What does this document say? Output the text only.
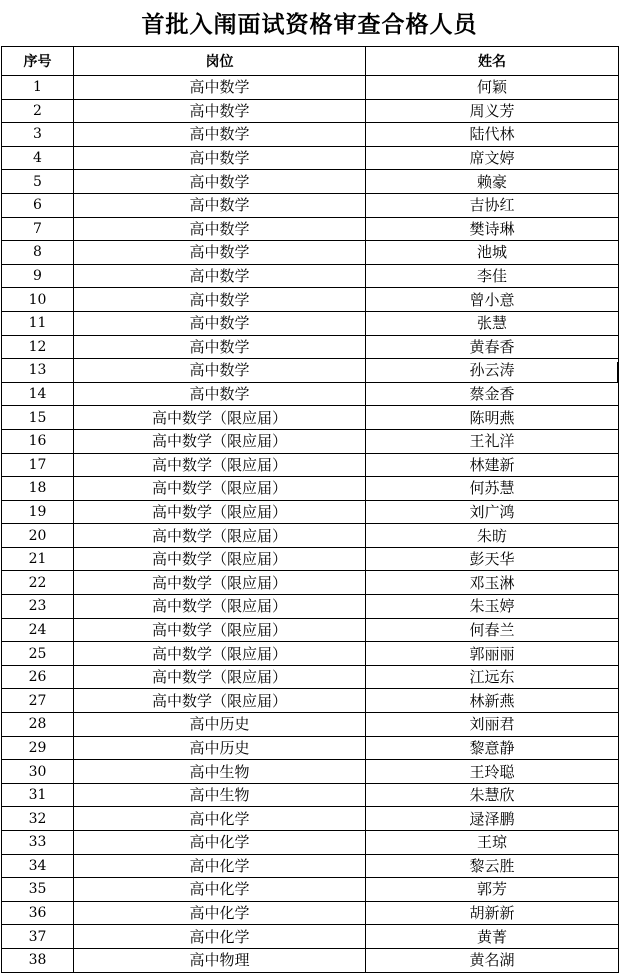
首批入闱面试资格审查合格人员
序号	岗位	姓名
1	高中数学	何颖
2	高中数学	周义芳
3	高中数学	陆代林
4	高中数学	席文婷
5	高中数学	赖豪
6	高中数学	吉协红
7	高中数学	樊诗琳
8	高中数学	池城
9	高中数学	李佳
10	高中数学	曾小意
11	高中数学	张慧
12	高中数学	黄春香
13	高中数学	孙云涛
14	高中数学	蔡金香
15	高中数学（限应届）	陈明燕
16	高中数学（限应届）	王礼洋
17	高中数学（限应届）	林建新
18	高中数学（限应届）	何苏慧
19	高中数学（限应届）	刘广鸿
20	高中数学（限应届）	朱昉
21	高中数学（限应届）	彭天华
22	高中数学（限应届）	邓玉淋
23	高中数学（限应届）	朱玉婷
24	高中数学（限应届）	何春兰
25	高中数学（限应届）	郭丽丽
26	高中数学（限应届）	江远东
27	高中数学（限应届）	林新燕
28	高中历史	刘丽君
29	高中历史	黎意静
30	高中生物	王玲聪
31	高中生物	朱慧欣
32	高中化学	逯泽鹏
33	高中化学	王琼
34	高中化学	黎云胜
35	高中化学	郭芳
36	高中化学	胡新新
37	高中化学	黄菁
38	高中物理	黄名湖
